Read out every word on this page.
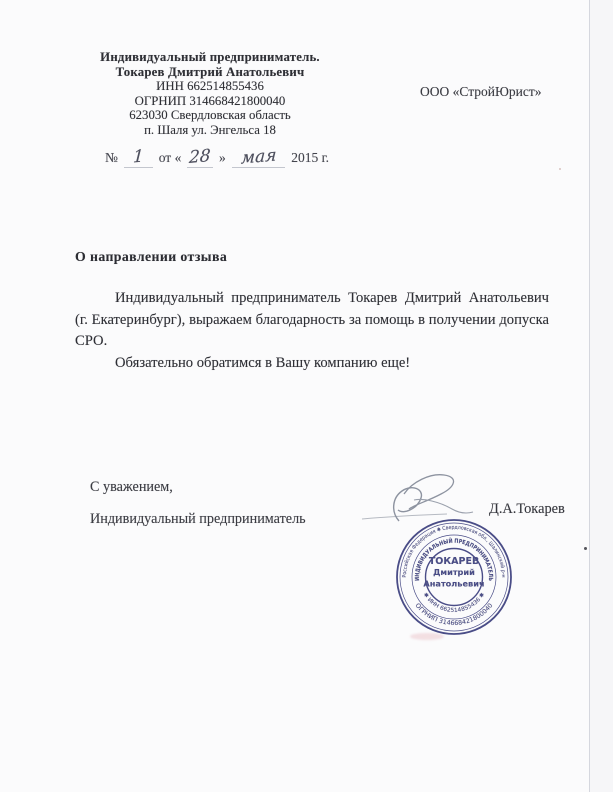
Индивидуальный предприниматель.
Токарев Дмитрий Анатольевич
ИНН 662514855436
ОГРНИП 314668421800040
623030 Свердловская область
п. Шаля ул. Энгельса 18
ООО «СтройЮрист»
№ 1	от « 28 » мая	2015 г.
О направлении отзыва

Индивидуальный предприниматель Токарев Дмитрий Анатольевич (г. Екатеринбург), выражаем благодарность за помощь в получении допуска СРО.

Обязательно обратимся в Вашу компанию еще!

С уважением,
Индивидуальный предприниматель
Д.А.Токарев
Российская Федерация ✱ Свердловская обл., Шалинский р-н
ОГРНИП 314668421800040
ИНДИВИДУАЛЬНЫЙ ПРЕДПРИНИМАТЕЛЬ
✱ ИНН 662514855436 ✱
ТОКАРЕВ
Дмитрий
Анатольевич
